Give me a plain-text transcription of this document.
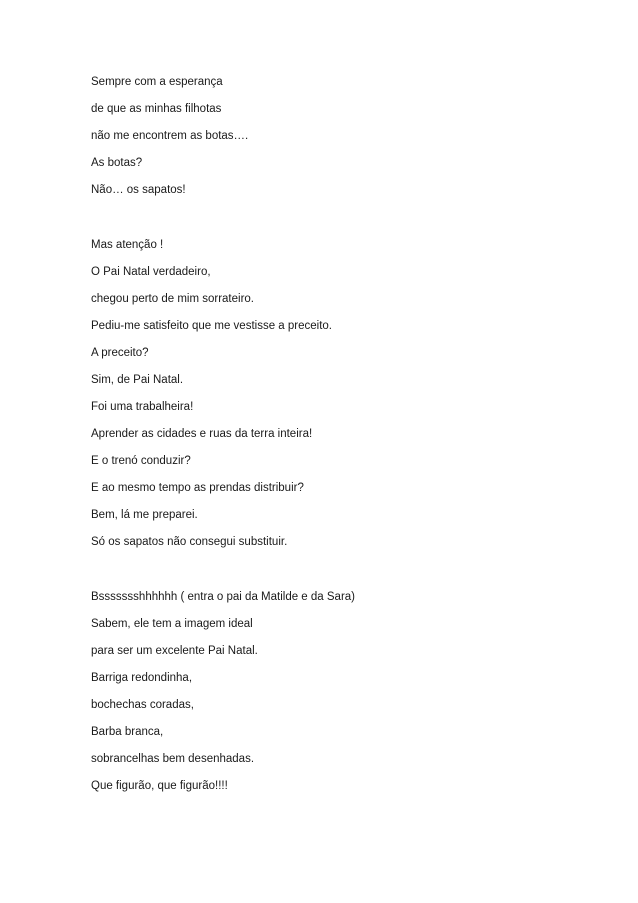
Sempre com a esperança

de que as minhas filhotas

não me encontrem as botas….

As botas?

Não… os sapatos!

Mas atenção !

O Pai Natal verdadeiro,

chegou perto de mim sorrateiro.

Pediu-me satisfeito que me vestisse a preceito.

A preceito?

Sim, de Pai Natal.

Foi uma trabalheira!

Aprender as cidades e ruas da terra inteira!

E o trenó conduzir?

E ao mesmo tempo as prendas distribuir?

Bem, lá me preparei.

Só os sapatos não consegui substituir.

Bssssssshhhhhh ( entra o pai da Matilde e da Sara)

Sabem, ele tem a imagem ideal

para ser um excelente Pai Natal.

Barriga redondinha,

bochechas coradas,

Barba branca,

sobrancelhas bem desenhadas.

Que figurão, que figurão!!!!
